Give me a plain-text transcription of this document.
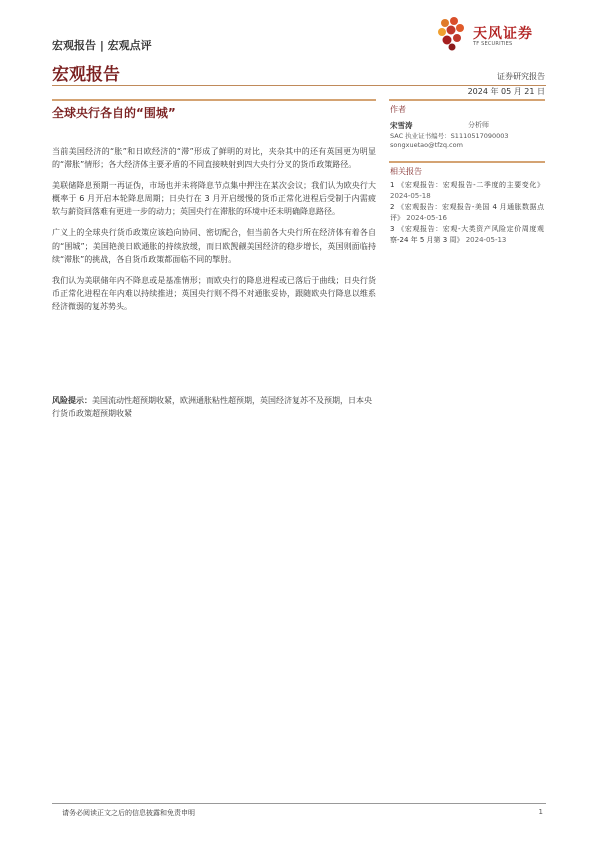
宏观报告 | 宏观点评
宏观报告
天风证券
TF SECURITIES
证券研究报告
2024 年 05 月 21 日
全球央行各自的“围城”

当前美国经济的“胀”和日欧经济的“滞”形成了鲜明的对比，夹杂其中的还有英国更为明显的“滞胀”情形；各大经济体主要矛盾的不同直接映射到四大央行分叉的货币政策路径。

美联储降息预期一再证伪，市场也并未将降息节点集中押注在某次会议；我们认为欧央行大概率于 6 月开启本轮降息周期；日央行在 3 月开启缓慢的货币正常化进程后受制于内需疲软与薪资回落难有更进一步的动力；英国央行在滞胀的环境中还未明确降息路径。

广义上的全球央行货币政策应该趋向协同、密切配合，但当前各大央行所在经济体有着各自的“围城”；美国艳羡日欧通胀的持续放缓，而日欧觊觎美国经济的稳步增长，英国则面临持续“滞胀”的挑战，各自货币政策都面临不同的掣肘。

我们认为美联储年内不降息或是基准情形；而欧央行的降息进程或已落后于曲线；日央行货币正常化进程在年内难以持续推进；英国央行则不得不对通胀妥协，跟随欧央行降息以维系经济微弱的复苏势头。

风险提示：美国流动性超预期收紧，欧洲通胀粘性超预期，英国经济复苏不及预期，日本央行货币政策超预期收紧
作者
宋雪涛	分析师
SAC 执业证书编号：S1110517090003
songxuetao@tfzq.com
相关报告
1 《宏观报告：宏观报告-二季度的主要变化》 2024-05-18
2 《宏观报告：宏观报告-美国 4 月通胀数据点评》 2024-05-16
3 《宏观报告：宏观-大类资产风险定价周度观察-24 年 5 月第 3 周》 2024-05-13
请务必阅读正文之后的信息披露和免责申明	1
